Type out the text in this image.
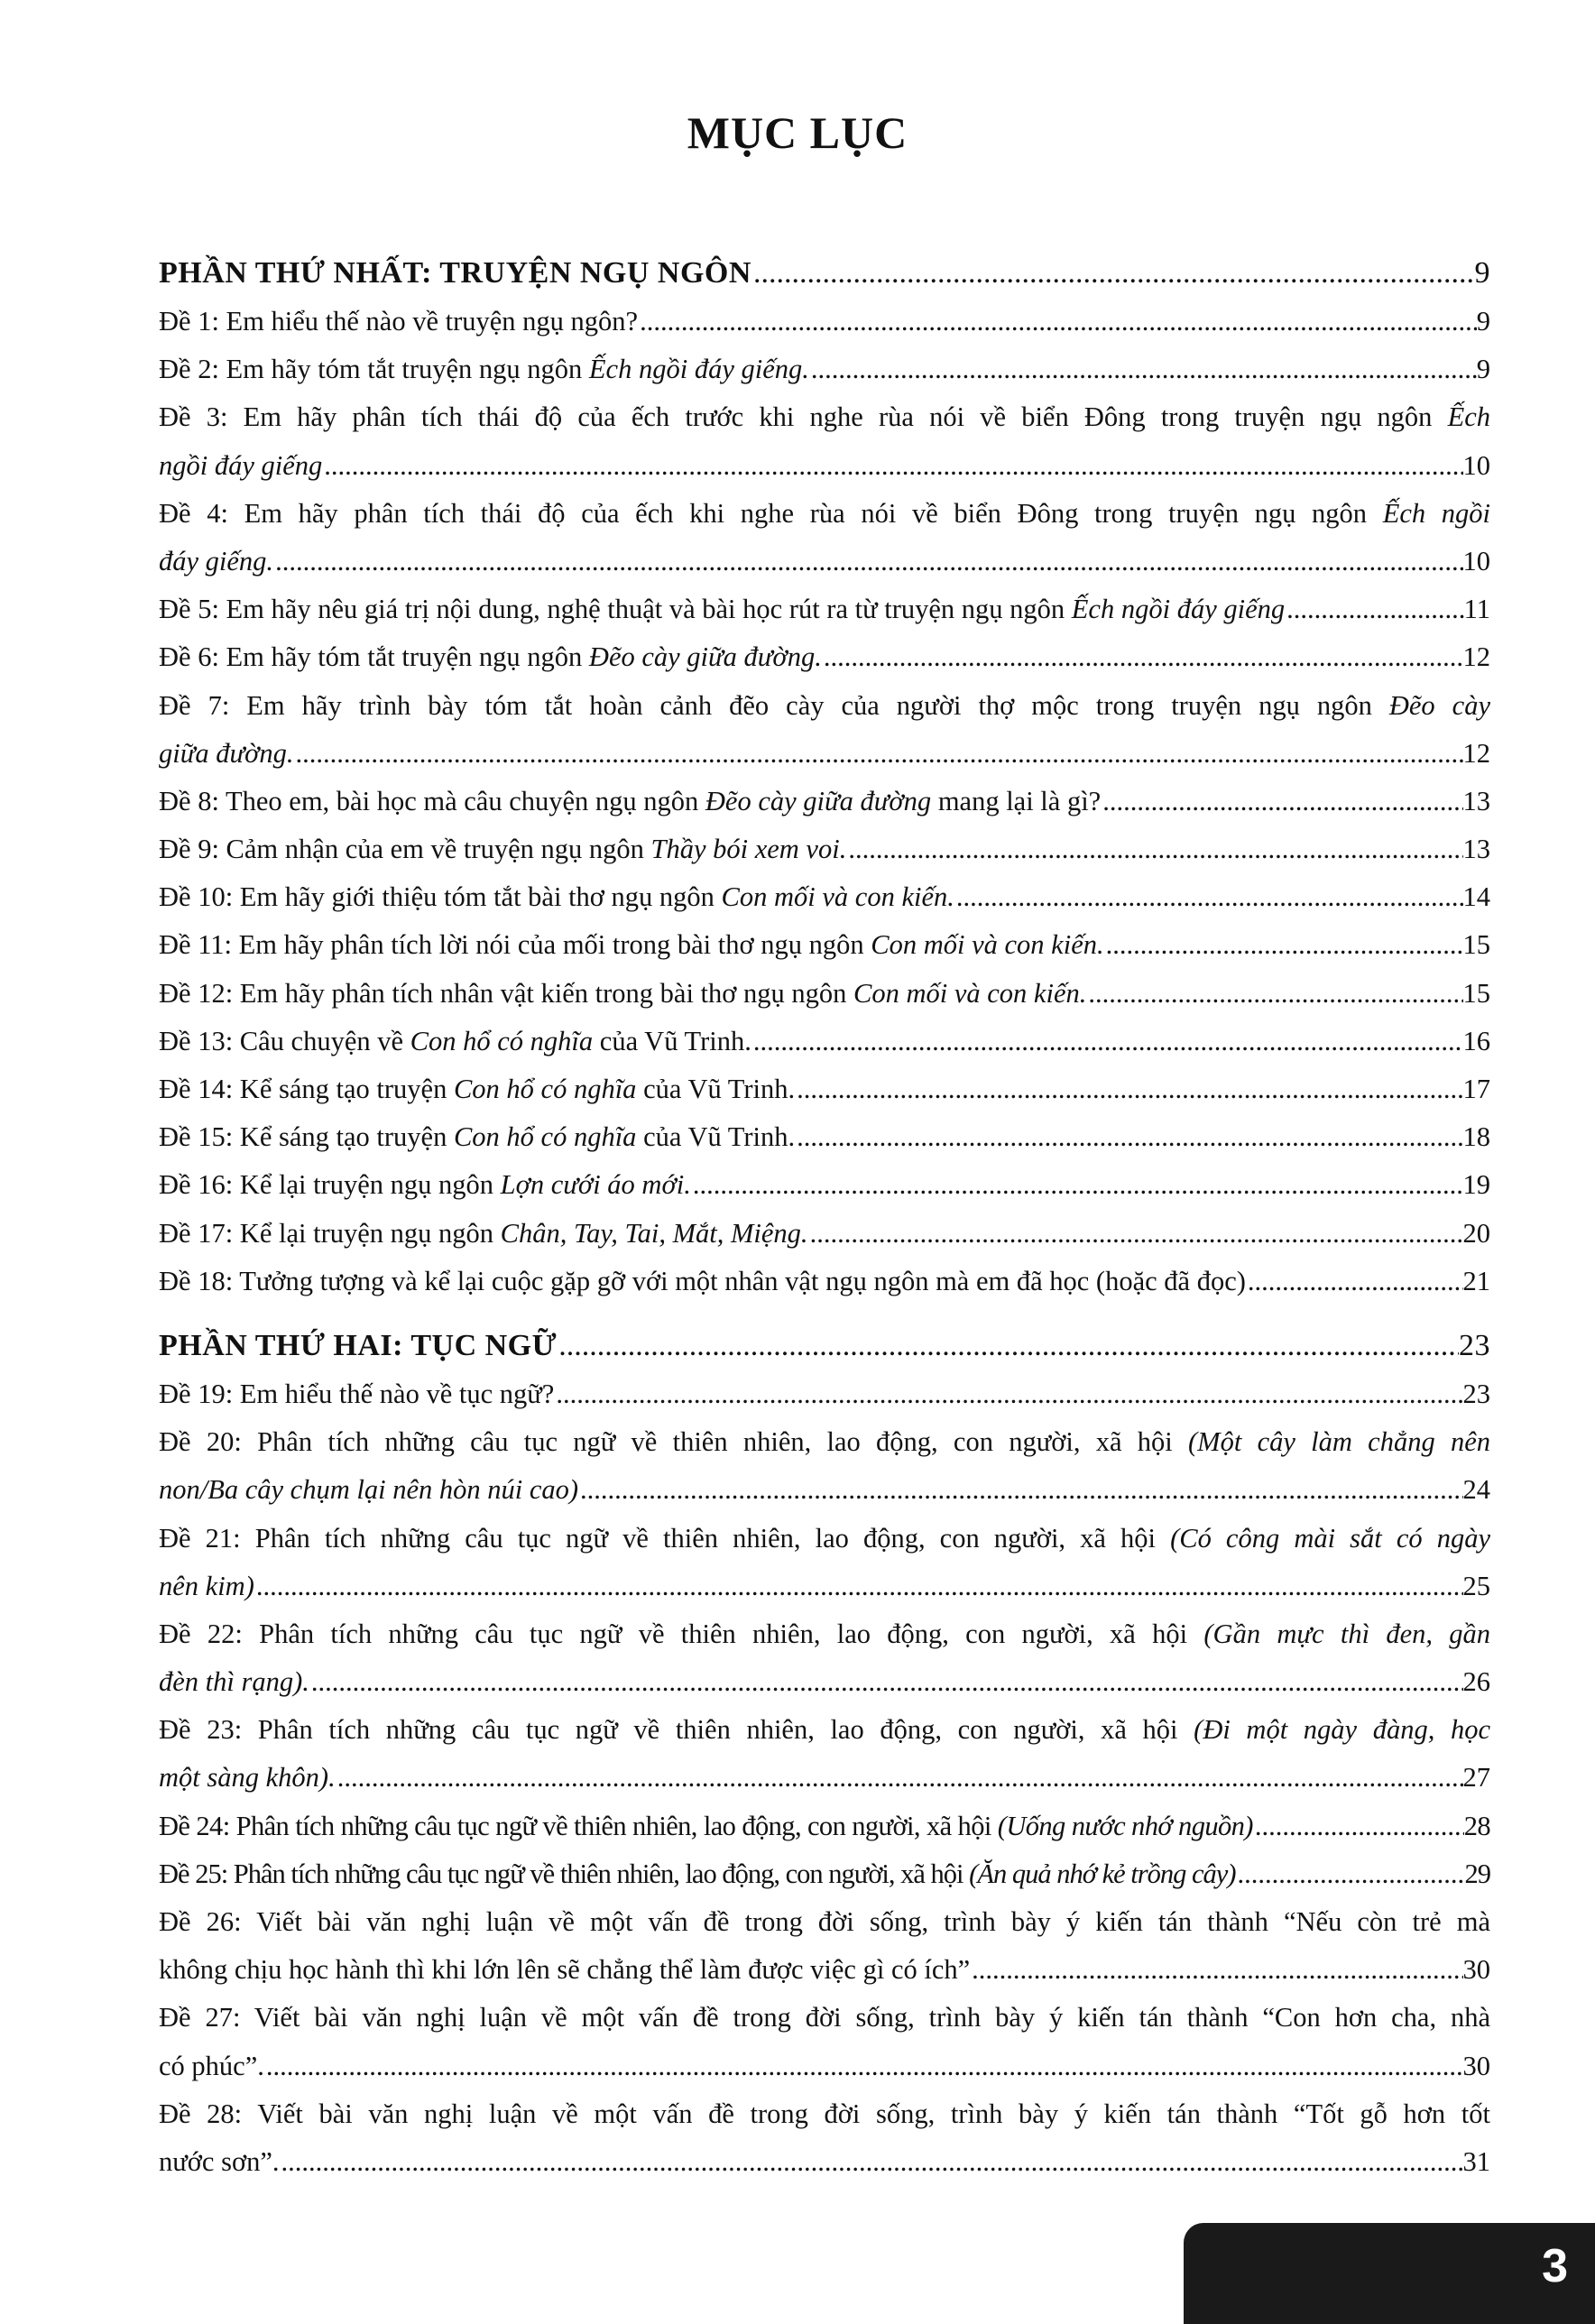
MỤC LỤC
PHẦN THỨ NHẤT: TRUYỆN NGỤ NGÔN .....	9
Đề 1: Em hiểu thế nào về truyện ngụ ngôn? .....	9
Đề 2: Em hãy tóm tắt truyện ngụ ngôn Ếch ngồi đáy giếng. .....	9
Đề 3: Em hãy phân tích thái độ của ếch trước khi nghe rùa nói về biển Đông trong truyện ngụ ngôn Ếch
ngồi đáy giếng .....	10
Đề 4: Em hãy phân tích thái độ của ếch khi nghe rùa nói về biển Đông trong truyện ngụ ngôn Ếch ngồi
đáy giếng. .....	10
Đề 5: Em hãy nêu giá trị nội dung, nghệ thuật và bài học rút ra từ truyện ngụ ngôn Ếch ngồi đáy giếng .....	11
Đề 6: Em hãy tóm tắt truyện ngụ ngôn Đẽo cày giữa đường. .....	12
Đề 7: Em hãy trình bày tóm tắt hoàn cảnh đẽo cày của người thợ mộc trong truyện ngụ ngôn Đẽo cày
giữa đường. .....	12
Đề 8: Theo em, bài học mà câu chuyện ngụ ngôn Đẽo cày giữa đường mang lại là gì? .....	13
Đề 9: Cảm nhận của em về truyện ngụ ngôn Thầy bói xem voi. .....	13
Đề 10: Em hãy giới thiệu tóm tắt bài thơ ngụ ngôn Con mối và con kiến. .....	14
Đề 11: Em hãy phân tích lời nói của mối trong bài thơ ngụ ngôn Con mối và con kiến. .....	15
Đề 12: Em hãy phân tích nhân vật kiến trong bài thơ ngụ ngôn Con mối và con kiến. .....	15
Đề 13: Câu chuyện về Con hổ có nghĩa của Vũ Trinh. .....	16
Đề 14: Kể sáng tạo truyện Con hổ có nghĩa của Vũ Trinh. .....	17
Đề 15: Kể sáng tạo truyện Con hổ có nghĩa của Vũ Trinh. .....	18
Đề 16: Kể lại truyện ngụ ngôn Lợn cưới áo mới. .....	19
Đề 17: Kể lại truyện ngụ ngôn Chân, Tay, Tai, Mắt, Miệng. .....	20
Đề 18: Tưởng tượng và kể lại cuộc gặp gỡ với một nhân vật ngụ ngôn mà em đã học (hoặc đã đọc) .....	21
PHẦN THỨ HAI: TỤC NGỮ .....	23
Đề 19: Em hiểu thế nào về tục ngữ? .....	23
Đề 20: Phân tích những câu tục ngữ về thiên nhiên, lao động, con người, xã hội (Một cây làm chẳng nên
non/Ba cây chụm lại nên hòn núi cao) .....	24
Đề 21: Phân tích những câu tục ngữ về thiên nhiên, lao động, con người, xã hội (Có công mài sắt có ngày
nên kim) .....	25
Đề 22: Phân tích những câu tục ngữ về thiên nhiên, lao động, con người, xã hội (Gần mực thì đen, gần
đèn thì rạng). .....	26
Đề 23: Phân tích những câu tục ngữ về thiên nhiên, lao động, con người, xã hội (Đi một ngày đàng, học
một sàng khôn). .....	27
Đề 24: Phân tích những câu tục ngữ về thiên nhiên, lao động, con người, xã hội (Uống nước nhớ nguồn) .....	28
Đề 25: Phân tích những câu tục ngữ về thiên nhiên, lao động, con người, xã hội (Ăn quả nhớ kẻ trồng cây) .....	29
Đề 26: Viết bài văn nghị luận về một vấn đề trong đời sống, trình bày ý kiến tán thành “Nếu còn trẻ mà
không chịu học hành thì khi lớn lên sẽ chẳng thể làm được việc gì có ích” .....	30
Đề 27: Viết bài văn nghị luận về một vấn đề trong đời sống, trình bày ý kiến tán thành “Con hơn cha, nhà
có phúc”. .....	30
Đề 28: Viết bài văn nghị luận về một vấn đề trong đời sống, trình bày ý kiến tán thành “Tốt gỗ hơn tốt
nước sơn”. .....	31
3
